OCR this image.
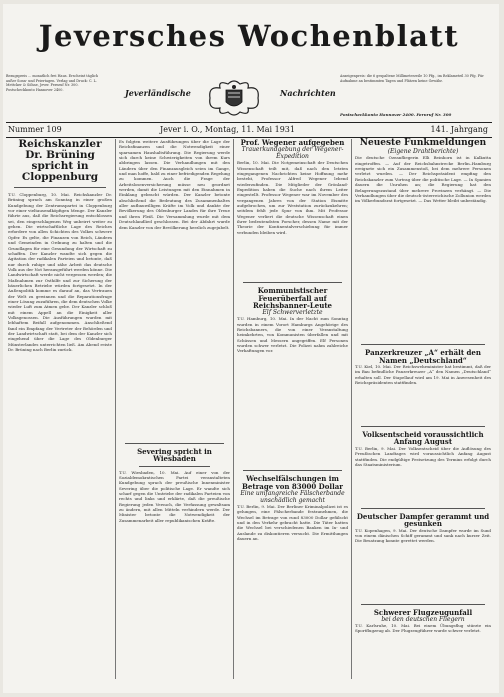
Jeversches Wochenblatt
Bezugspreis ... monatlich frei Haus. Erscheint täglich außer Sonn- und Feiertagen. Verlag und Druck: C. L. Mettcker & Söhne, Jever. Fernruf Nr. 300. Postscheckkonto Hannover 2400.	Jeverländische	Nachrichten
Anzeigenpreis: die 6 gespaltene Millimeterzeile 10 Pfg., im Reklameteil 30 Pfg. Für Aufnahme an bestimmten Tagen und Plätzen keine Gewähr.
Postscheckkonto Hannover 2400. Fernruf Nr. 300
Nummer 109	Jever i. O., Montag, 11. Mai 1931	141. Jahrgang
Reichskanzler Dr. Brüning spricht in Cloppenburg
T.U. Cloppenburg, 10. Mai. Reichskanzler Dr. Brüning sprach am Sonntag in einer großen Kundgebung der Zentrumspartei in Cloppenburg vor einer vieltausendköpfigen Menge. Der Kanzler führte aus, daß die Reichsregierung entschlossen sei, den eingeschlagenen Weg unbeirrt weiter zu gehen. Die wirtschaftliche Lage des Reiches erfordere von allen Schichten des Volkes schwere Opfer. Es gelte, die Finanzen von Reich, Ländern und Gemeinden in Ordnung zu halten und die Grundlagen für eine Gesundung der Wirtschaft zu schaffen. Der Kanzler wandte sich gegen die Agitation der radikalen Parteien und betonte, daß nur durch ruhige und zähe Arbeit das deutsche Volk aus der Not herausgeführt werden könne. Die Landwirtschaft werde nicht vergessen werden; die Maßnahmen zur Osthilfe und zur Sicherung der bäuerlichen Betriebe würden fortgesetzt. In der Außenpolitik komme es darauf an, das Vertrauen der Welt zu gewinnen und die Reparationsfrage einer Lösung zuzuführen, die dem deutschen Volke wieder Luft zum Atmen gebe. Der Kanzler schloß mit einem Appell an die Einigkeit aller Volksgenossen. Die Ausführungen wurden mit lebhaftem Beifall aufgenommen. Anschließend fand ein Empfang der Vertreter der Behörden und der Landwirtschaft statt, bei dem der Kanzler sich eingehend über die Lage des Oldenburger Münsterlandes unterrichten ließ. Am Abend reiste Dr. Brüning nach Berlin zurück.
Es folgten weitere Ausführungen über die Lage der Reichsfinanzen und die Notwendigkeit einer sparsamen Haushaltsführung. Die Regierung werde sich durch keine Schwierigkeiten von ihrem Kurs abbringen lassen. Die Verhandlungen mit den Ländern über den Finanzausgleich seien im Gange, und man hoffe, bald zu einer befriedigenden Regelung zu kommen. Auch die Frage der Arbeitslosenversicherung müsse neu geordnet werden, damit die Leistungen mit den Einnahmen in Einklang gebracht würden. Der Kanzler betonte abschließend die Bedeutung des Zusammenhaltes aller aufbauwilligen Kräfte im Volk und dankte der Bevölkerung des Oldenburger Landes für ihre Treue und ihren Fleiß. Die Versammlung wurde mit dem Deutschlandlied geschlossen. Bei der Abfahrt wurde dem Kanzler von der Bevölkerung herzlich zugejubelt.
Severing spricht in Wiesbaden
T.U. Wiesbaden, 10. Mai. Auf einer von der Sozialdemokratischen Partei veranstalteten Kundgebung sprach der preußische Innenminister Severing über die politische Lage. Er wandte sich scharf gegen die Umtriebe der radikalen Parteien von rechts und links und erklärte, daß die preußische Regierung jeden Versuch, die Verfassung gewaltsam zu ändern, mit allen Mitteln verhindern werde. Der Minister betonte die Notwendigkeit der Zusammenarbeit aller republikanischen Kräfte.
Prof. Wegener aufgegeben
Trauerkundgebung der Wegener-Expedition
Berlin, 10. Mai. Die Notgemeinschaft der Deutschen Wissenschaft teilt mit, daß nach den letzten eingegangenen Nachrichten keine Hoffnung mehr besteht, Professor Alfred Wegener lebend wiederzufinden. Die Mitglieder der Grönland-Expedition haben die Suche nach ihrem Leiter eingestellt. Professor Wegener war im November des vergangenen Jahres von der Station Eismitte aufgebrochen, um zur Weststation zurückzukehren; seitdem fehlt jede Spur von ihm. Mit Professor Wegener verliert die deutsche Wissenschaft einen ihrer bedeutendsten Forscher, dessen Name mit der Theorie der Kontinentalverschiebung für immer verbunden bleiben wird.
Kommunistischer Feuerüberfall auf Reichsbanner-Leute
Elf Schwerverletzte
T.U. Hamburg, 10. Mai. In der Nacht zum Sonntag wurden in einem Vorort Hamburgs Angehörige des Reichsbanners, die von einer Veranstaltung heimkehrten, von Kommunisten überfallen und mit Schüssen und Messern angegriffen. Elf Personen wurden schwer verletzt. Die Polizei nahm zahlreiche Verhaftungen vor.
Wechselfälschungen im Betrage von 83000 Dollar
Eine umfangreiche Fälscherbande unschädlich gemacht
T.U. Berlin, 9. Mai. Der Berliner Kriminalpolizei ist es gelungen, eine Fälscherbande festzunehmen, die Wechsel im Betrage von rund 83000 Dollar gefälscht und in den Verkehr gebracht hatte. Die Täter hatten die Wechsel bei verschiedenen Banken im In- und Auslande zu diskontieren versucht. Die Ermittlungen dauern an.
Neueste Funkmeldungen
(Eigene Drahtberichte)
Die deutsche Ozeanfliegerin Elli Beinhorn ist in Kalkutta eingetroffen. — Auf der Reichsbahnstrecke Berlin–Hamburg ereignete sich ein Zusammenstoß, bei dem mehrere Personen verletzt wurden. — Der Reichspräsident empfing den Reichskanzler zum Vortrag über die politische Lage. — In Spanien dauern die Unruhen an; die Regierung hat den Belagerungszustand über mehrere Provinzen verhängt. — Die Verhandlungen über die deutsch-österreichische Zollunion werden im Völkerbundsrat fortgesetzt. — Das Wetter bleibt unbeständig.
Panzerkreuzer „A“ erhält den Namen „Deutschland“
T.U. Kiel, 10. Mai. Der Reichswehrminister hat bestimmt, daß der im Bau befindliche Panzerkreuzer „A“ den Namen „Deutschland“ erhalten soll. Der Stapellauf wird am 19. Mai in Anwesenheit des Reichspräsidenten stattfinden.
Volksentscheid voraussichtlich Anfang August
T.U. Berlin, 9. Mai. Der Volksentscheid über die Auflösung des Preußischen Landtages wird voraussichtlich Anfang August stattfinden. Die endgültige Festsetzung des Termins erfolgt durch das Staatsministerium.
Deutscher Dampfer gerammt und gesunken
T.U. Kopenhagen, 9. Mai. Der deutsche Dampfer wurde im Sund von einem dänischen Schiff gerammt und sank nach kurzer Zeit. Die Besatzung konnte gerettet werden.
Schwerer Flugzeugunfall
bei den deutschen Fliegern
T.U. Karlsruhe, 10. Mai. Bei einem Übungsflug stürzte ein Sportflugzeug ab. Der Flugzeugführer wurde schwer verletzt.
